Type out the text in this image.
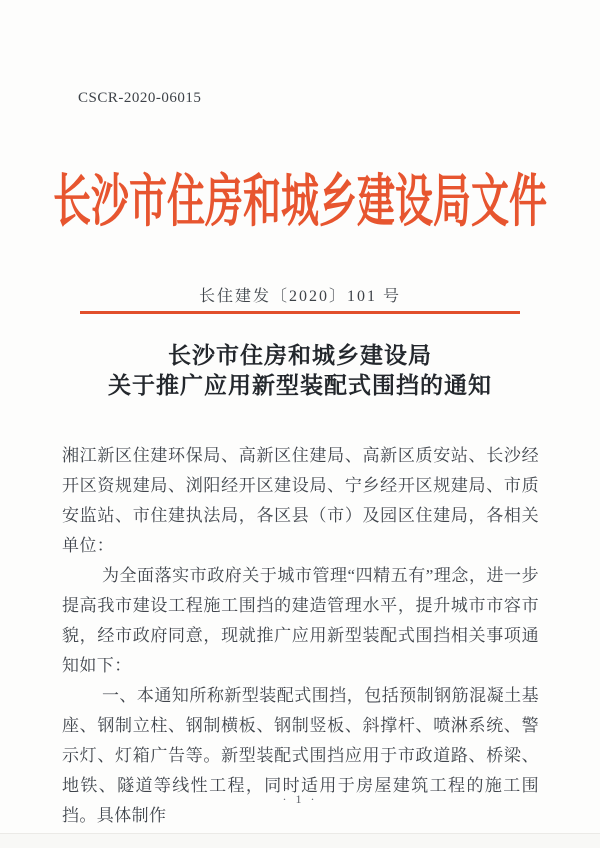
CSCR-2020-06015
长沙市住房和城乡建设局文件
长住建发〔2020〕101 号
长沙市住房和城乡建设局
关于推广应用新型装配式围挡的通知

湘江新区住建环保局、高新区住建局、高新区质安站、长沙经开区资规建局、浏阳经开区建设局、宁乡经开区规建局、市质安监站、市住建执法局，各区县（市）及园区住建局，各相关单位：

为全面落实市政府关于城市管理“四精五有”理念，进一步提高我市建设工程施工围挡的建造管理水平，提升城市市容市貌，经市政府同意，现就推广应用新型装配式围挡相关事项通知如下：

一、本通知所称新型装配式围挡，包括预制钢筋混凝土基座、钢制立柱、钢制横板、钢制竖板、斜撑杆、喷淋系统、警示灯、灯箱广告等。新型装配式围挡应用于市政道路、桥梁、地铁、隧道等线性工程，同时适用于房屋建筑工程的施工围挡。具体制作

· 1 ·
